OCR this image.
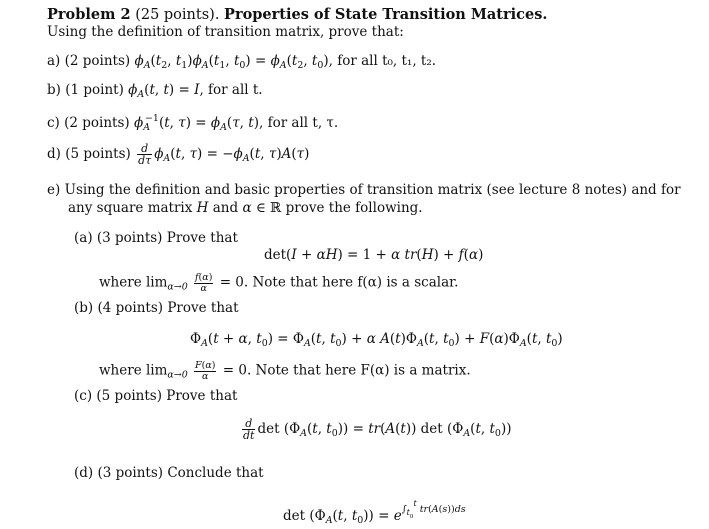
Problem 2 (25 points). Properties of State Transition Matrices.
Using the definition of transition matrix, prove that:
a) (2 points) $\phi_A(t_2$, $t_1)\phi_A(t_1$, $t_0) = \phi_A(t_2$, $t_0$), for all t₀, t₁, t₂.
b) (1 point) $\phi_A(t$, t) = I, for all t.
c) (2 points) $\phi_A^{-1}(t$, $\tau) = \phi_A(\tau$, t), for all t, τ.
d) (5 points) $\frac{d}{d\tau} \phi_A(t$, $\tau) = -\phi_A(t$, τ)A(τ)
e) Using the definition and basic properties of transition matrix (see lecture 8 notes) and for
any square matrix H and α ∈ ℝ prove the following.
(a) (3 points) Prove that
det(I + αH) = 1 + α tr(H) + f(α)
where $\lim_{\alpha\to 0} \frac{f(\alpha)}{\alpha} = 0$. Note that here f(α) is a scalar.
(b) (4 points) Prove that
$\Phi_A(t + \alpha$, $t_0) = \Phi_A(t$, $t_0) + \alpha$ $A(t)\Phi_A(t$, $t_0) + F(\alpha)\Phi_A(t$, $t_0$)
where $\lim_{\alpha\to 0} \frac{F(\alpha)}{\alpha} = 0$. Note that here F(α) is a matrix.
(c) (5 points) Prove that
$\frac{d}{dt}$ $\det (\Phi_A(t$, $t_0)) = tr(A(t))$ $\det (\Phi_A(t$, $t_0$))
(d) (3 points) Conclude that
$\det (\Phi_A(t$, $t_0)) = e^{\int_{t_0}^t tr(A(s))ds}$
